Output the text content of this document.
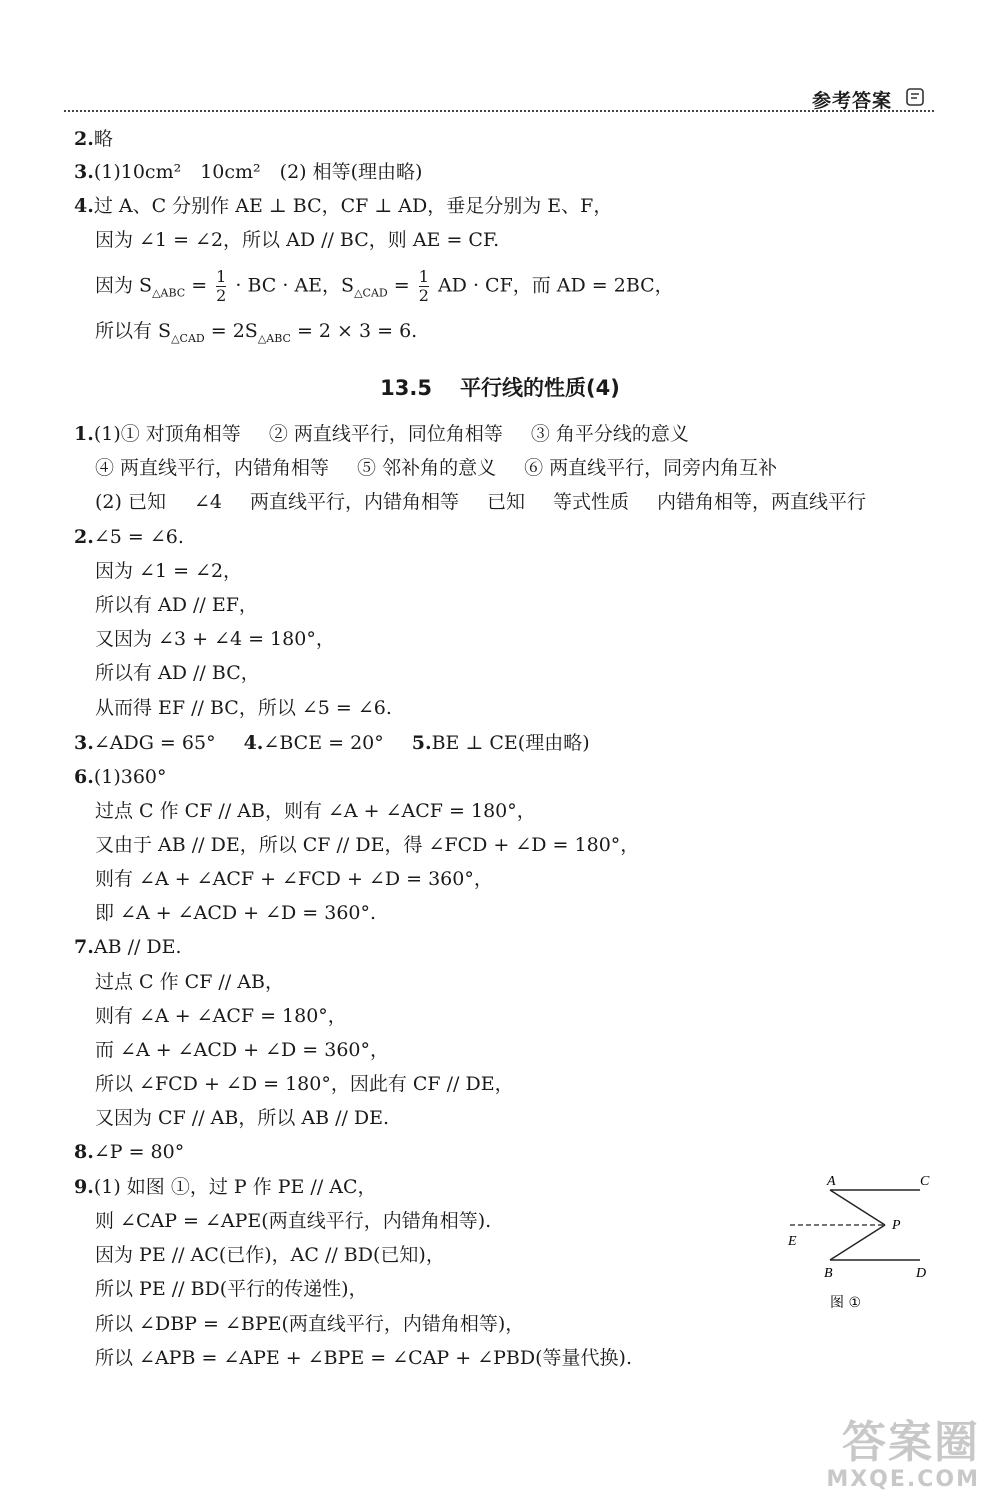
参考答案
2.略
3.(1)10cm²　10cm²　(2) 相等(理由略)
4.过 A、C 分别作 AE ⊥ BC，CF ⊥ AD，垂足分别为 E、F，
因为 ∠1 = ∠2，所以 AD // BC，则 AE = CF.
因为 $S_{\triangle ABC} = \frac{1}{2}$ · BC · AE，$S_{\triangle CAD} = \frac{1}{2}$ AD · CF，而 AD = 2BC，
所以有 $S_{\triangle CAD} = 2S_{\triangle ABC} = 2 \times 3 = 6$.
13.5 平行线的性质(4)
1.(1)① 对顶角相等 ② 两直线平行，同位角相等 ③ 角平分线的意义
④ 两直线平行，内错角相等 ⑤ 邻补角的意义 ⑥ 两直线平行，同旁内角互补
(2) 已知 ∠4 两直线平行，内错角相等 已知 等式性质 内错角相等，两直线平行
2.∠5 = ∠6.
因为 ∠1 = ∠2，
所以有 AD // EF，
又因为 ∠3 + ∠4 = 180°，
所以有 AD // BC，
从而得 EF // BC，所以 ∠5 = ∠6.
3.∠ADG = 65° 4.∠BCE = 20° 5.BE ⊥ CE(理由略)
6.(1)360°
过点 C 作 CF // AB，则有 ∠A + ∠ACF = 180°，
又由于 AB // DE，所以 CF // DE，得 ∠FCD + ∠D = 180°，
则有 ∠A + ∠ACF + ∠FCD + ∠D = 360°，
即 ∠A + ∠ACD + ∠D = 360°.
7.AB // DE.
过点 C 作 CF // AB，
则有 ∠A + ∠ACF = 180°，
而 ∠A + ∠ACD + ∠D = 360°，
所以 ∠FCD + ∠D = 180°，因此有 CF // DE，
又因为 CF // AB，所以 AB // DE.
8.∠P = 80°
9.(1) 如图 ①，过 P 作 PE // AC，
则 ∠CAP = ∠APE(两直线平行，内错角相等).
因为 PE // AC(已作)，AC // BD(已知)，
所以 PE // BD(平行的传递性)，
所以 ∠DBP = ∠BPE(两直线平行，内错角相等)，
所以 ∠APB = ∠APE + ∠BPE = ∠CAP + ∠PBD(等量代换).
A	C
E
P
B	D
图 ①
答案圈
MXQE.COM
